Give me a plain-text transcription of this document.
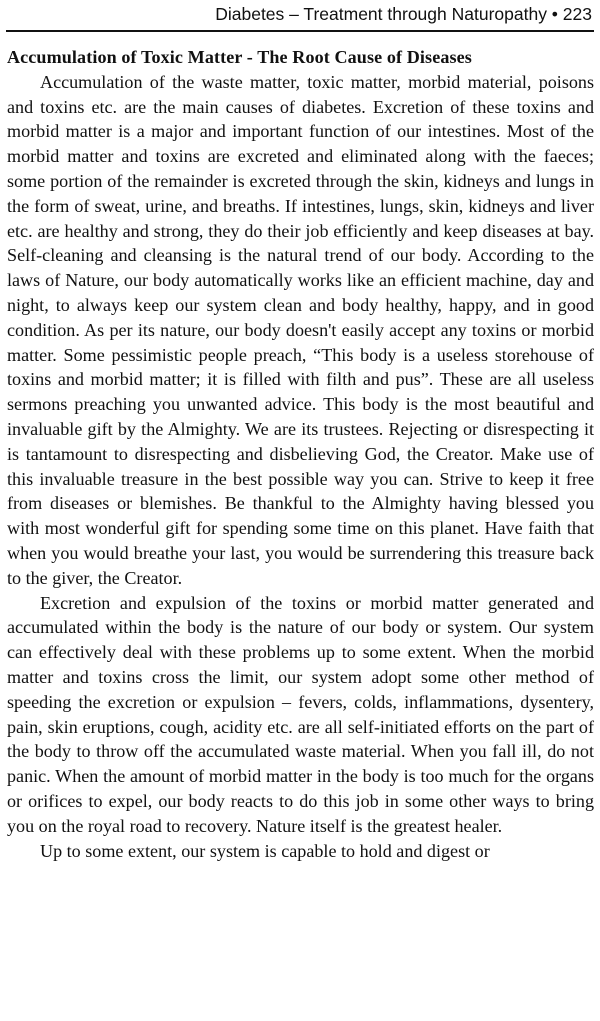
Diabetes – Treatment through Naturopathy • 223
Accumulation of Toxic Matter - The Root Cause of Diseases

Accumulation of the waste matter, toxic matter, morbid material, poisons and toxins etc. are the main causes of diabetes. Excretion of these toxins and morbid matter is a major and important function of our intestines. Most of the morbid matter and toxins are excreted and eliminated along with the faeces; some portion of the remainder is excreted through the skin, kidneys and lungs in the form of sweat, urine, and breaths. If intestines, lungs, skin, kidneys and liver etc. are healthy and strong, they do their job efficiently and keep diseases at bay. Self-cleaning and cleansing is the natural trend of our body. According to the laws of Nature, our body automatically works like an efficient machine, day and night, to always keep our system clean and body healthy, happy, and in good condition. As per its nature, our body doesn't easily accept any toxins or morbid matter. Some pessimistic people preach, “This body is a useless storehouse of toxins and morbid matter; it is filled with filth and pus”. These are all useless sermons preaching you unwanted advice. This body is the most beautiful and invaluable gift by the Almighty. We are its trustees. Rejecting or disrespecting it is tantamount to disrespecting and disbelieving God, the Creator. Make use of this invaluable treasure in the best possible way you can. Strive to keep it free from diseases or blemishes. Be thankful to the Almighty having blessed you with most wonderful gift for spending some time on this planet. Have faith that when you would breathe your last, you would be surrendering this treasure back to the giver, the Creator.

Excretion and expulsion of the toxins or morbid matter generated and accumulated within the body is the nature of our body or system. Our system can effectively deal with these problems up to some extent. When the morbid matter and toxins cross the limit, our system adopt some other method of speeding the excretion or expulsion – fevers, colds, inflammations, dysentery, pain, skin eruptions, cough, acidity etc. are all self-initiated efforts on the part of the body to throw off the accumulated waste material. When you fall ill, do not panic. When the amount of morbid matter in the body is too much for the organs or orifices to expel, our body reacts to do this job in some other ways to bring you on the royal road to recovery. Nature itself is the greatest healer.

Up to some extent, our system is capable to hold and digest or
